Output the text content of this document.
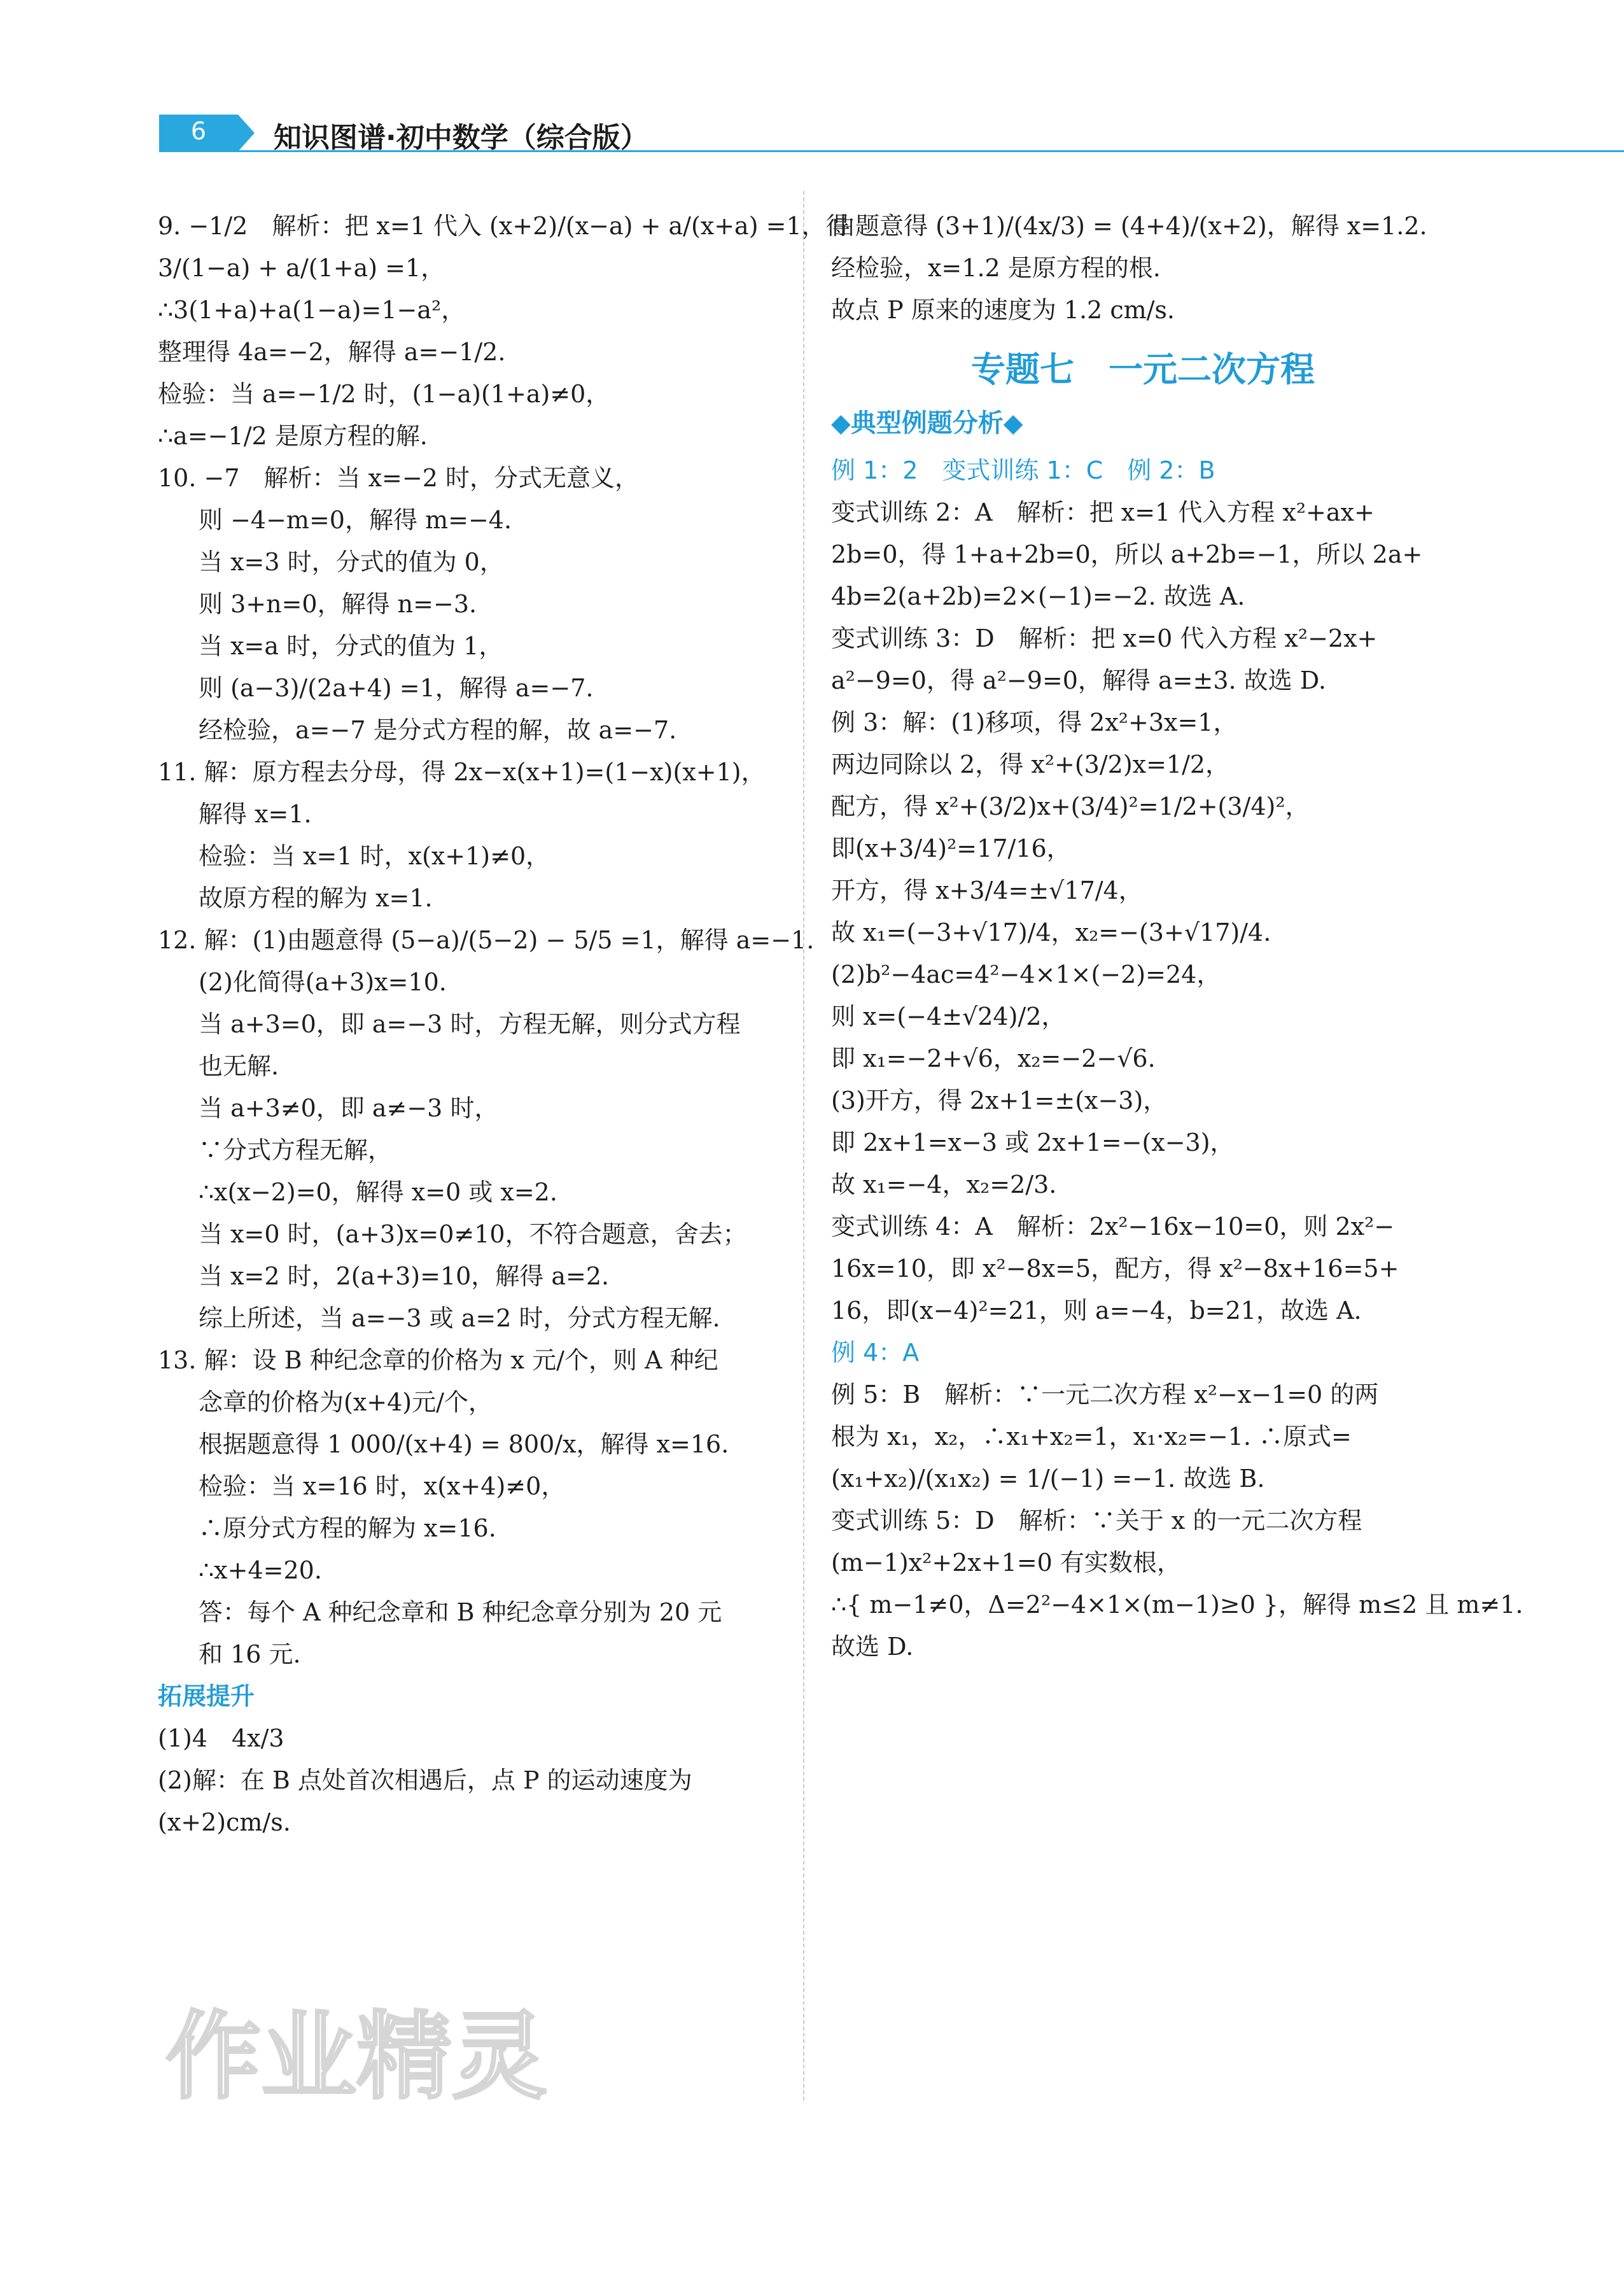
6	知识图谱·初中数学（综合版）
9. −1/2　解析：把 x=1 代入 (x+2)/(x−a) + a/(x+a) =1，得
3/(1−a) + a/(1+a) =1，
∴3(1+a)+a(1−a)=1−a²，
整理得 4a=−2，解得 a=−1/2.
检验：当 a=−1/2 时，(1−a)(1+a)≠0，
∴a=−1/2 是原方程的解.
10. −7　解析：当 x=−2 时，分式无意义，
则 −4−m=0，解得 m=−4.
当 x=3 时，分式的值为 0，
则 3+n=0，解得 n=−3.
当 x=a 时，分式的值为 1，
则 (a−3)/(2a+4) =1，解得 a=−7.
经检验，a=−7 是分式方程的解，故 a=−7.
11. 解：原方程去分母，得 2x−x(x+1)=(1−x)(x+1)，
解得 x=1.
检验：当 x=1 时，x(x+1)≠0，
故原方程的解为 x=1.
12. 解：(1)由题意得 (5−a)/(5−2) − 5/5 =1，解得 a=−1.
(2)化简得(a+3)x=10.
当 a+3=0，即 a=−3 时，方程无解，则分式方程
也无解.
当 a+3≠0，即 a≠−3 时，
∵分式方程无解，
∴x(x−2)=0，解得 x=0 或 x=2.
当 x=0 时，(a+3)x=0≠10，不符合题意，舍去；
当 x=2 时，2(a+3)=10，解得 a=2.
综上所述，当 a=−3 或 a=2 时，分式方程无解.
13. 解：设 B 种纪念章的价格为 x 元/个，则 A 种纪
念章的价格为(x+4)元/个，
根据题意得 1 000/(x+4) = 800/x，解得 x=16.
检验：当 x=16 时，x(x+4)≠0，
∴原分式方程的解为 x=16.
∴x+4=20.
答：每个 A 种纪念章和 B 种纪念章分别为 20 元
和 16 元.
拓展提升
(1)4　4x/3
(2)解：在 B 点处首次相遇后，点 P 的运动速度为
(x+2)cm/s.
由题意得 (3+1)/(4x/3) = (4+4)/(x+2)，解得 x=1.2.
经检验，x=1.2 是原方程的根.
故点 P 原来的速度为 1.2 cm/s.
专题七　一元二次方程
◆典型例题分析◆
例 1：2　变式训练 1：C　例 2：B
变式训练 2：A　解析：把 x=1 代入方程 x²+ax+
2b=0，得 1+a+2b=0，所以 a+2b=−1，所以 2a+
4b=2(a+2b)=2×(−1)=−2. 故选 A.
变式训练 3：D　解析：把 x=0 代入方程 x²−2x+
a²−9=0，得 a²−9=0，解得 a=±3. 故选 D.
例 3：解：(1)移项，得 2x²+3x=1，
两边同除以 2，得 x²+(3/2)x=1/2，
配方，得 x²+(3/2)x+(3/4)²=1/2+(3/4)²，
即(x+3/4)²=17/16，
开方，得 x+3/4=±√17/4，
故 x₁=(−3+√17)/4，x₂=−(3+√17)/4.
(2)b²−4ac=4²−4×1×(−2)=24，
则 x=(−4±√24)/2，
即 x₁=−2+√6，x₂=−2−√6.
(3)开方，得 2x+1=±(x−3)，
即 2x+1=x−3 或 2x+1=−(x−3)，
故 x₁=−4，x₂=2/3.
变式训练 4：A　解析：2x²−16x−10=0，则 2x²−
16x=10，即 x²−8x=5，配方，得 x²−8x+16=5+
16，即(x−4)²=21，则 a=−4，b=21，故选 A.
例 4：A
例 5：B　解析：∵一元二次方程 x²−x−1=0 的两
根为 x₁，x₂，∴x₁+x₂=1，x₁·x₂=−1. ∴原式=
(x₁+x₂)/(x₁x₂) = 1/(−1) =−1. 故选 B.
变式训练 5：D　解析：∵关于 x 的一元二次方程
(m−1)x²+2x+1=0 有实数根，
∴{ m−1≠0，Δ=2²−4×1×(m−1)≥0 }，解得 m≤2 且 m≠1.
故选 D.
作业精灵
